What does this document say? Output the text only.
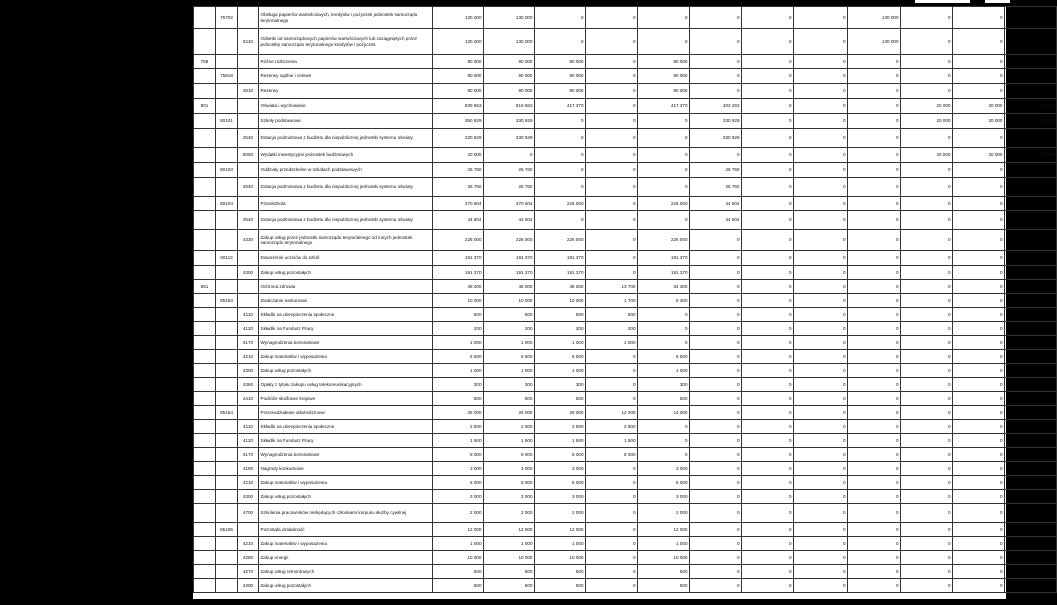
	75702		Obsługa papierów wartościowych, kredytów i pożyczek jednostek samorządu terytorialnego	130 000	130 000	0	0	0	0	0	0	130 000	0	0	0
		8110	Odsetki od samorządowych papierów wartościowych lub zaciągniętych przez jednostkę samorządu terytorialnego kredytów i pożyczek	130 000	130 000	0	0	0	0	0	0	130 000	0	0	0
758			Różne rozliczenia	90 000	90 000	90 000	0	90 000	0	0	0	0	0	0	0
	75818		Rezerwy ogólne i celowe	90 000	90 000	90 000	0	90 000	0	0	0	0	0	0	0
		4810	Rezerwy	90 000	90 000	90 000	0	90 000	0	0	0	0	0	0	0
801			Oświata i wychowanie	839 663	819 663	417 370	0	417 370	402 293	0	0	0	20 000	20 000	20 000
	80101		Szkoły podstawowe	350 929	330 929	0	0	0	330 929	0	0	0	20 000	20 000	20 000
		2540	Dotacja podmiotowa z budżetu dla niepublicznej jednostki systemu oświaty	330 929	330 929	0	0	0	330 929	0	0	0	0	0	0
		6050	Wydatki inwestycyjne jednostek budżetowych	20 000	0	0	0	0	0	0	0	0	20 000	20 000	20 000
	80103		Oddziały przedszkolne w szkołach podstawowych	26 760	26 760	0	0	0	26 760	0	0	0	0	0	0
		2540	Dotacja podmiotowa z budżetu dla niepublicznej jednostki systemu oświaty	26 760	26 760	0	0	0	26 760	0	0	0	0	0	0
	80104		Przedszkola	270 604	270 604	226 000	0	226 000	44 604	0	0	0	0	0	0
		2540	Dotacja podmiotowa z budżetu dla niepublicznej jednostki systemu oświaty	44 604	44 604	0	0	0	44 604	0	0	0	0	0	0
		4330	Zakup usług przez jednostki samorządu terytorialnego od innych jednostek samorządu terytorialnego	226 000	226 000	226 000	0	226 000	0	0	0	0	0	0	0
	80113		Dowożenie uczniów do szkół	191 370	191 370	191 370	0	191 370	0	0	0	0	0	0	0
		4300	Zakup usług pozostałych	191 370	191 370	191 370	0	191 370	0	0	0	0	0	0	0
851			Ochrona zdrowia	48 000	48 000	48 000	13 700	34 300	0	0	0	0	0	0	0
	85153		Zwalczanie narkomanii	10 000	10 000	10 000	1 700	8 300	0	0	0	0	0	0	0
		4110	Składki na ubezpieczenia społeczne	500	500	500	500	0	0	0	0	0	0	0	0
		4120	Składki na Fundusz Pracy	200	200	200	200	0	0	0	0	0	0	0	0
		4170	Wynagrodzenia bezosobowe	1 000	1 000	1 000	1 000	0	0	0	0	0	0	0	0
		4210	Zakup materiałów i wyposażenia	6 500	6 500	6 500	0	6 500	0	0	0	0	0	0	0
		4300	Zakup usług pozostałych	1 000	1 000	1 000	0	1 000	0	0	0	0	0	0	0
		4360	Opłaty z tytułu zakupu usług telekomunikacyjnych	300	300	300	0	300	0	0	0	0	0	0	0
		4410	Podróże służbowe krajowe	500	500	500	0	500	0	0	0	0	0	0	0
	85154		Przeciwdziałanie alkoholizmowi	26 000	26 000	26 000	12 000	14 000	0	0	0	0	0	0	0
		4110	Składki na ubezpieczenia społeczne	2 500	2 500	2 500	2 500	0	0	0	0	0	0	0	0
		4120	Składki na Fundusz Pracy	1 500	1 500	1 500	1 500	0	0	0	0	0	0	0	0
		4170	Wynagrodzenia bezosobowe	8 000	8 000	8 000	8 000	0	0	0	0	0	0	0	0
		4190	Nagrody konkursowe	3 000	3 000	3 000	0	3 000	0	0	0	0	0	0	0
		4210	Zakup materiałów i wyposażenia	6 000	6 000	6 000	0	6 000	0	0	0	0	0	0	0
		4300	Zakup usług pozostałych	3 000	3 000	3 000	0	3 000	0	0	0	0	0	0	0
		4700	Szkolenia pracowników niebędących członkami korpusu służby cywilnej	2 000	2 000	2 000	0	2 000	0	0	0	0	0	0	0
	85195		Pozostała działalność	12 000	12 000	12 000	0	12 000	0	0	0	0	0	0	0
		4210	Zakup materiałów i wyposażenia	1 000	1 000	1 000	0	1 000	0	0	0	0	0	0	0
		4260	Zakup energii	10 000	10 000	10 000	0	10 000	0	0	0	0	0	0	0
		4270	Zakup usług remontowych	500	500	500	0	500	0	0	0	0	0	0	0
		4300	Zakup usług pozostałych	500	500	500	0	500	0	0	0	0	0	0	0
